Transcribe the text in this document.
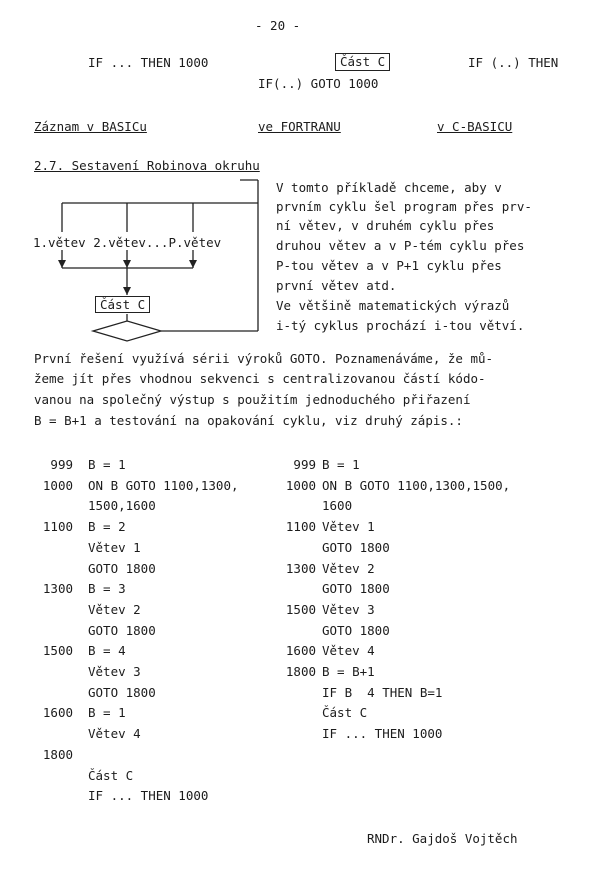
- 20 -
IF ... THEN 1000	Část C	IF (..) THEN
IF(..) GOTO 1000
Záznam v BASICu	ve FORTRANU	v C-BASICU
2.7. Sestavení Robinova okruhu
1.větev 2.větev...P.větev
Část C
V tomto příkladě chceme, aby v
prvním cyklu šel program přes prv-
ní větev, v druhém cyklu přes
druhou větev a v P-tém cyklu přes
P-tou větev a v P+1 cyklu přes
první větev atd.
Ve většině matematických výrazů
i-tý cyklus prochází i-tou větví.
První řešení využívá sérii výroků GOTO. Poznamenáváme, že mů-
žeme jít přes vhodnou sekvenci s centralizovanou částí kódo-
vanou na společný výstup s použitím jednoduchého přiřazení
B = B+1 a testování na opakování cyklu, viz druhý zápis.:
999 B = 1
1000 ON B GOTO 1100,1300,
1500,1600
1100 B = 2
Větev 1
GOTO 1800
1300 B = 3
Větev 2
GOTO 1800
1500 B = 4
Větev 3
GOTO 1800
1600 B = 1
Větev 4
1800
Část C
IF ... THEN 1000
999 B = 1
1000 ON B GOTO 1100,1300,1500,
1600
1100 Větev 1
GOTO 1800
1300 Větev 2
GOTO 1800
1500 Větev 3
GOTO 1800
1600 Větev 4
1800 B = B+1
IF B  4 THEN B=1
Část C
IF ... THEN 1000
RNDr. Gajdoš Vojtěch
